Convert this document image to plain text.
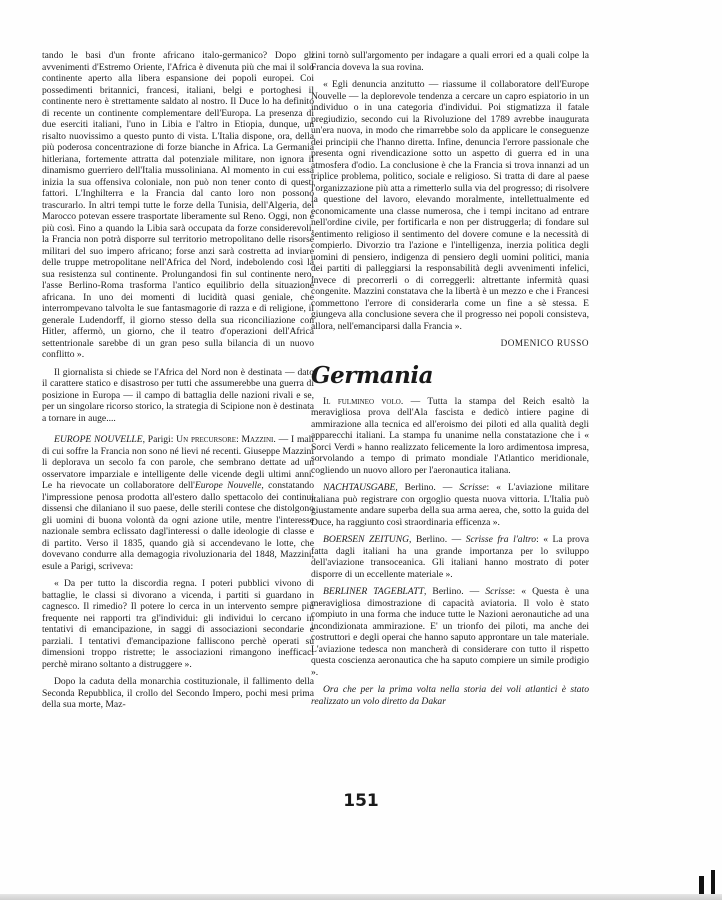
tando le basi d'un fronte africano italo-germanico? Dopo gli avvenimenti d'Estremo Oriente, l'Africa è divenuta più che mai il solo continente aperto alla libera espansione dei popoli europei. Coi possedimenti britannici, francesi, italiani, belgi e portoghesi il continente nero è strettamente saldato al nostro. Il Duce lo ha definito di recente un continente complementare dell'Europa. La presenza di due eserciti italiani, l'uno in Libia e l'altro in Etiopia, dunque, un risalto nuovissimo a questo punto di vista. L'Italia dispone, ora, della più poderosa concentrazione di forze bianche in Africa. La Germania hitleriana, fortemente attratta dal potenziale militare, non ignora il dinamismo guerriero dell'Italia mussoliniana. Al momento in cui essa inizia la sua offensiva coloniale, non può non tener conto di questi fattori. L'Inghilterra e la Francia dal canto loro non possono trascurarlo. In altri tempi tutte le forze della Tunisia, dell'Algeria, del Marocco potevan essere trasportate liberamente sul Reno. Oggi, non è più così. Fino a quando la Libia sarà occupata da forze considerevoli, la Francia non potrà disporre sul territorio metropolitano delle risorse militari del suo impero africano; forse anzi sarà costretta ad inviare delle truppe metropolitane nell'Africa del Nord, indebolendo così la sua resistenza sul continente. Prolungandosi fin sul continente nero, l'asse Berlino-Roma trasforma l'antico equilibrio della situazione africana. In uno dei momenti di lucidità quasi geniale, che interrompevano talvolta le sue fantasmagorie di razza e di religione, il generale Ludendorff, il giorno stesso della sua riconciliazione con Hitler, affermò, un giorno, che il teatro d'operazioni dell'Africa settentrionale sarebbe di un gran peso sulla bilancia di un nuovo conflitto ».

Il giornalista si chiede se l'Africa del Nord non è destinata — dato il carattere statico e disastroso per tutti che assumerebbe una guerra di posizione in Europa — il campo di battaglia delle nazioni rivali e se, per un singolare ricorso storico, la strategia di Scipione non è destinata a tornare in auge....

EUROPE NOUVELLE, Parigi: Un precursore: Mazzini. — I mali di cui soffre la Francia non sono né lievi né recenti. Giuseppe Mazzini li deplorava un secolo fa con parole, che sembrano dettate ad un osservatore imparziale e intelligente delle vicende degli ultimi anni. Le ha rievocate un collaboratore dell'Europe Nouvelle, constatando l'impressione penosa prodotta all'estero dallo spettacolo dei continui dissensi che dilaniano il suo paese, delle sterili contese che distolgono gli uomini di buona volontà da ogni azione utile, mentre l'interesse nazionale sembra eclissato dagl'interessi o dalle ideologie di classe e di partito. Verso il 1835, quando già si accendevano le lotte, che dovevano condurre alla demagogia rivoluzionaria del 1848, Mazzini, esule a Parigi, scriveva:

« Da per tutto la discordia regna. I poteri pubblici vivono di battaglie, le classi si divorano a vicenda, i partiti si guardano in cagnesco. Il rimedio? Il potere lo cerca in un intervento sempre più frequente nei rapporti tra gl'individui: gli individui lo cercano in tentativi di emancipazione, in saggi di associazioni secondarie e parziali. I tentativi d'emancipazione falliscono perchè operati su dimensioni troppo ristrette; le associazioni rimangono inefficaci perchè mirano soltanto a distruggere ».

Dopo la caduta della monarchia costituzionale, il fallimento della Seconda Repubblica, il crollo del Secondo Impero, pochi mesi prima della sua morte, Maz-

zini tornò sull'argomento per indagare a quali errori ed a quali colpe la Francia doveva la sua rovina.

« Egli denuncia anzitutto — riassume il collaboratore dell'Europe Nouvelle — la deplorevole tendenza a cercare un capro espiatorio in un individuo o in una categoria d'individui. Poi stigmatizza il fatale pregiudizio, secondo cui la Rivoluzione del 1789 avrebbe inaugurata un'era nuova, in modo che rimarrebbe solo da applicare le conseguenze dei principii che l'hanno diretta. Infine, denuncia l'errore passionale che presenta ogni rivendicazione sotto un aspetto di guerra ed in una atmosfera d'odio. La conclusione è che la Francia si trova innanzi ad un triplice problema, politico, sociale e religioso. Si tratta di dare al paese l'organizzazione più atta a rimetterlo sulla via del progresso; di risolvere la questione del lavoro, elevando moralmente, intellettualmente ed economicamente una classe numerosa, che i tempi incitano ad entrare nell'ordine civile, per fortificarla e non per distruggerla; di fondare sul sentimento religioso il sentimento del dovere comune e la necessità di compierlo. Divorzio tra l'azione e l'intelligenza, inerzia politica degli uomini di pensiero, indigenza di pensiero degli uomini politici, mania dei partiti di palleggiarsi la responsabilità degli avvenimenti infelici, invece di precorrerli o di correggerli: altrettante infermità quasi congenite. Mazzini constatava che la libertà è un mezzo e che i Francesi commettono l'errore di considerarla come un fine a sè stessa. E giungeva alla conclusione severa che il progresso nei popoli consisteva, allora, nell'emanciparsi dalla Francia ».

DOMENICO RUSSO
Germania

Il fulmineo volo. — Tutta la stampa del Reich esaltò la meravigliosa prova dell'Ala fascista e dedicò intiere pagine di ammirazione alla tecnica ed all'eroismo dei piloti ed alla qualità degli apparecchi italiani. La stampa fu unanime nella constatazione che i « Sorci Verdi » hanno realizzato felicemente la loro ardimentosa impresa, sorvolando a tempo di primato mondiale l'Atlantico meridionale, cogliendo un nuovo alloro per l'aeronautica italiana.

NACHTAUSGABE, Berlino. — Scrisse: « L'aviazione militare italiana può registrare con orgoglio questa nuova vittoria. L'Italia può giustamente andare superba della sua arma aerea, che, sotto la guida del Duce, ha raggiunto così straordinaria efficenza ».

BOERSEN ZEITUNG, Berlino. — Scrisse fra l'altro: « La prova fatta dagli italiani ha una grande importanza per lo sviluppo dell'aviazione transoceanica. Gli italiani hanno mostrato di poter disporre di un eccellente materiale ».

BERLINER TAGEBLATT, Berlino. — Scrisse: « Questa è una meravigliosa dimostrazione di capacità aviatoria. Il volo è stato compiuto in una forma che induce tutte le Nazioni aeronautiche ad una incondizionata ammirazione. E' un trionfo dei piloti, ma anche dei costruttori e degli operai che hanno saputo approntare un tale materiale. L'aviazione tedesca non mancherà di considerare con tutto il rispetto questa coscienza aeronautica che ha saputo compiere un simile prodigio ».

Ora che per la prima volta nella storia dei voli atlantici è stato realizzato un volo diretto da Dakar

151
